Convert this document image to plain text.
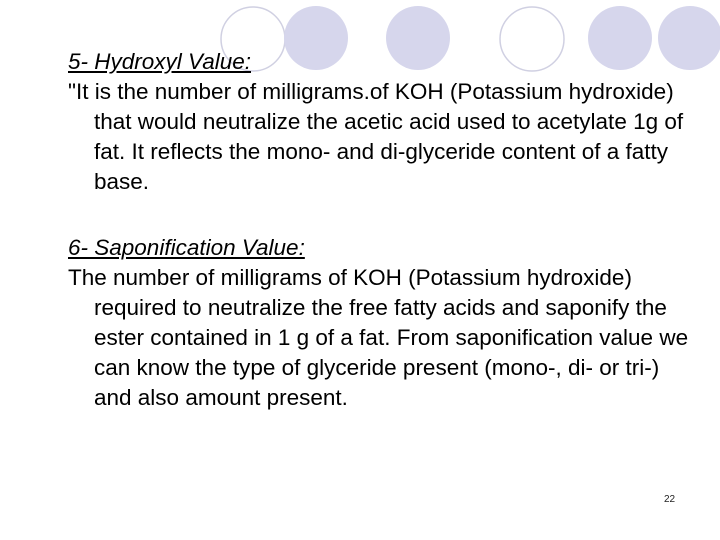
5- Hydroxyl Value:

"It is the number of milligrams.of KOH (Potassium hydroxide) that would neutralize the acetic acid used to acetylate 1g of fat. It reflects the mono- and di-glyceride content of a fatty base.

6- Saponification Value:

The number of milligrams of KOH (Potassium hydroxide) required to neutralize the free fatty acids and saponify the ester contained in 1 g of a fat. From saponification value we can know the type of glyceride present (mono-, di- or tri-) and also amount present.

22
